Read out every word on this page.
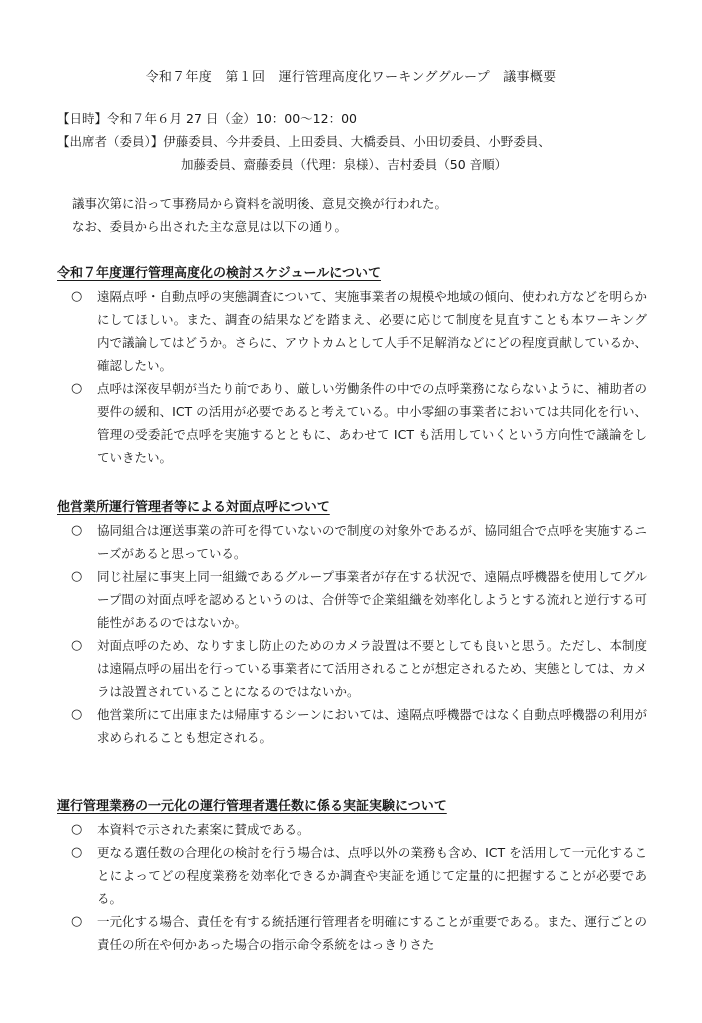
令和７年度　第１回　運行管理高度化ワーキンググループ　議事概要
【日時】令和７年６月 27 日（金）10：00～12：00
【出席者（委員）】伊藤委員、今井委員、上田委員、大橋委員、小田切委員、小野委員、
加藤委員、齋藤委員（代理：泉様）、吉村委員（50 音順）
議事次第に沿って事務局から資料を説明後、意見交換が行われた。
なお、委員から出された主な意見は以下の通り。
令和７年度運行管理高度化の検討スケジュールについて
○ 遠隔点呼・自動点呼の実態調査について、実施事業者の規模や地域の傾向、使われ方などを明らかにしてほしい。また、調査の結果などを踏まえ、必要に応じて制度を見直すことも本ワーキング内で議論してはどうか。さらに、アウトカムとして人手不足解消などにどの程度貢献しているか、確認したい。
○ 点呼は深夜早朝が当たり前であり、厳しい労働条件の中での点呼業務にならないように、補助者の要件の緩和、ICT の活用が必要であると考えている。中小零細の事業者においては共同化を行い、管理の受委託で点呼を実施するとともに、あわせて ICT も活用していくという方向性で議論をしていきたい。
他営業所運行管理者等による対面点呼について
○ 協同組合は運送事業の許可を得ていないので制度の対象外であるが、協同組合で点呼を実施するニーズがあると思っている。
○ 同じ社屋に事実上同一組織であるグループ事業者が存在する状況で、遠隔点呼機器を使用してグループ間の対面点呼を認めるというのは、合併等で企業組織を効率化しようとする流れと逆行する可能性があるのではないか。
○ 対面点呼のため、なりすまし防止のためのカメラ設置は不要としても良いと思う。ただし、本制度は遠隔点呼の届出を行っている事業者にて活用されることが想定されるため、実態としては、カメラは設置されていることになるのではないか。
○ 他営業所にて出庫または帰庫するシーンにおいては、遠隔点呼機器ではなく自動点呼機器の利用が求められることも想定される。
運行管理業務の一元化の運行管理者選任数に係る実証実験について
○ 本資料で示された素案に賛成である。
○ 更なる選任数の合理化の検討を行う場合は、点呼以外の業務も含め、ICT を活用して一元化することによってどの程度業務を効率化できるか調査や実証を通じて定量的に把握することが必要である。
○ 一元化する場合、責任を有する統括運行管理者を明確にすることが重要である。また、運行ごとの責任の所在や何かあった場合の指示命令系統をはっきりさた
